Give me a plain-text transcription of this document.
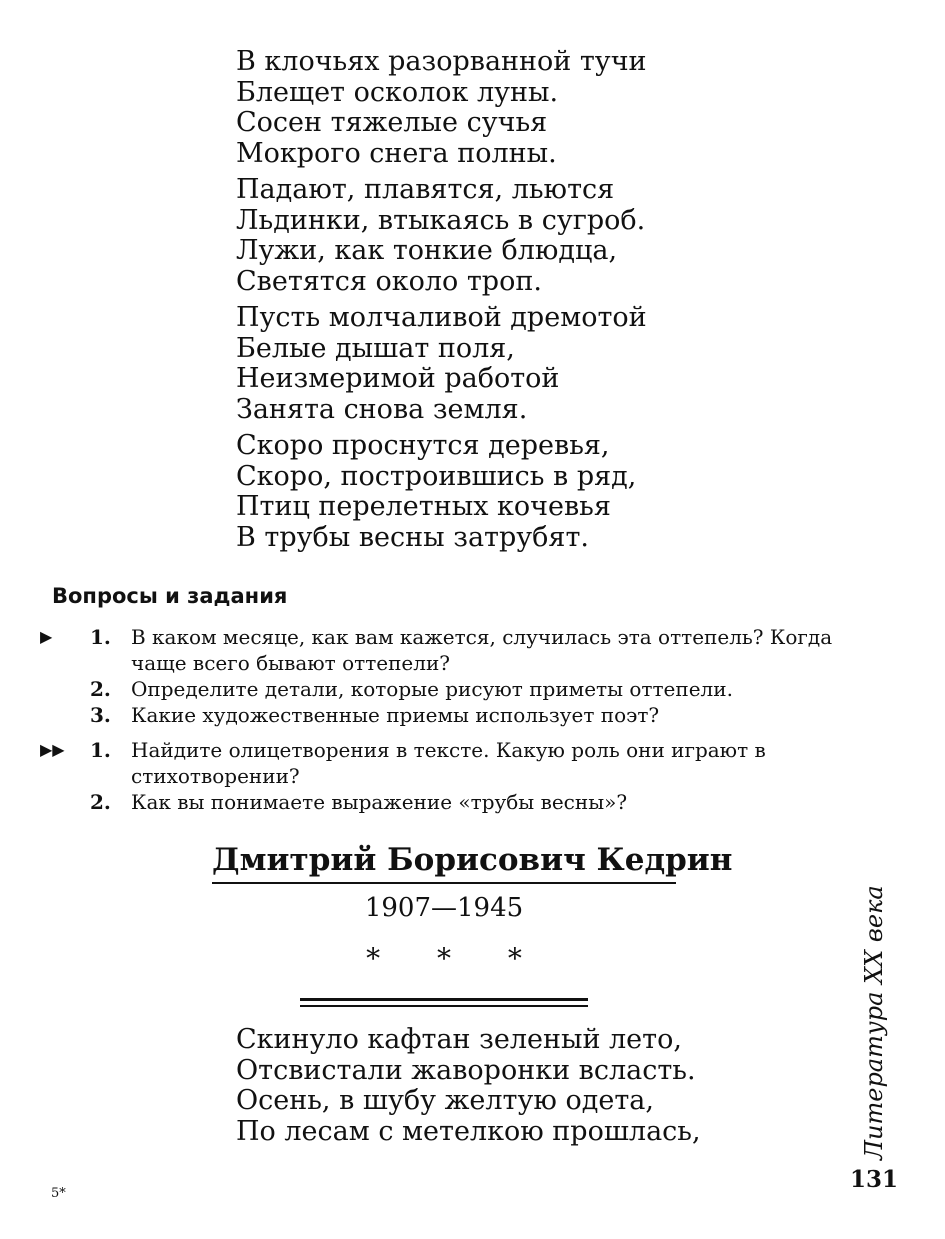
В клочьях разорванной тучи
Блещет осколок луны.
Сосен тяжелые сучья
Мокрого снега полны.
Падают, плавятся, льются
Льдинки, втыкаясь в сугроб.
Лужи, как тонкие блюдца,
Светятся около троп.
Пусть молчаливой дремотой
Белые дышат поля,
Неизмеримой работой
Занята снова земля.
Скоро проснутся деревья,
Скоро, построившись в ряд,
Птиц перелетных кочевья
В трубы весны затрубят.
Вопросы и задания
▶ 1. В каком месяце, как вам кажется, случилась эта оттепель? Когда чаще всего бывают оттепели?
2. Определите детали, которые рисуют приметы оттепели.
3. Какие художественные приемы использует поэт?
▶▶ 1. Найдите олицетворения в тексте. Какую роль они играют в стихотворении?
2. Как вы понимаете выражение «трубы весны»?
Дмитрий Борисович Кедрин
1907—1945
* * *
Скинуло кафтан зеленый лето,
Отсвистали жаворонки всласть.
Осень, в шубу желтую одета,
По лесам с метелкою прошлась,	Литература XX века
131
5*
